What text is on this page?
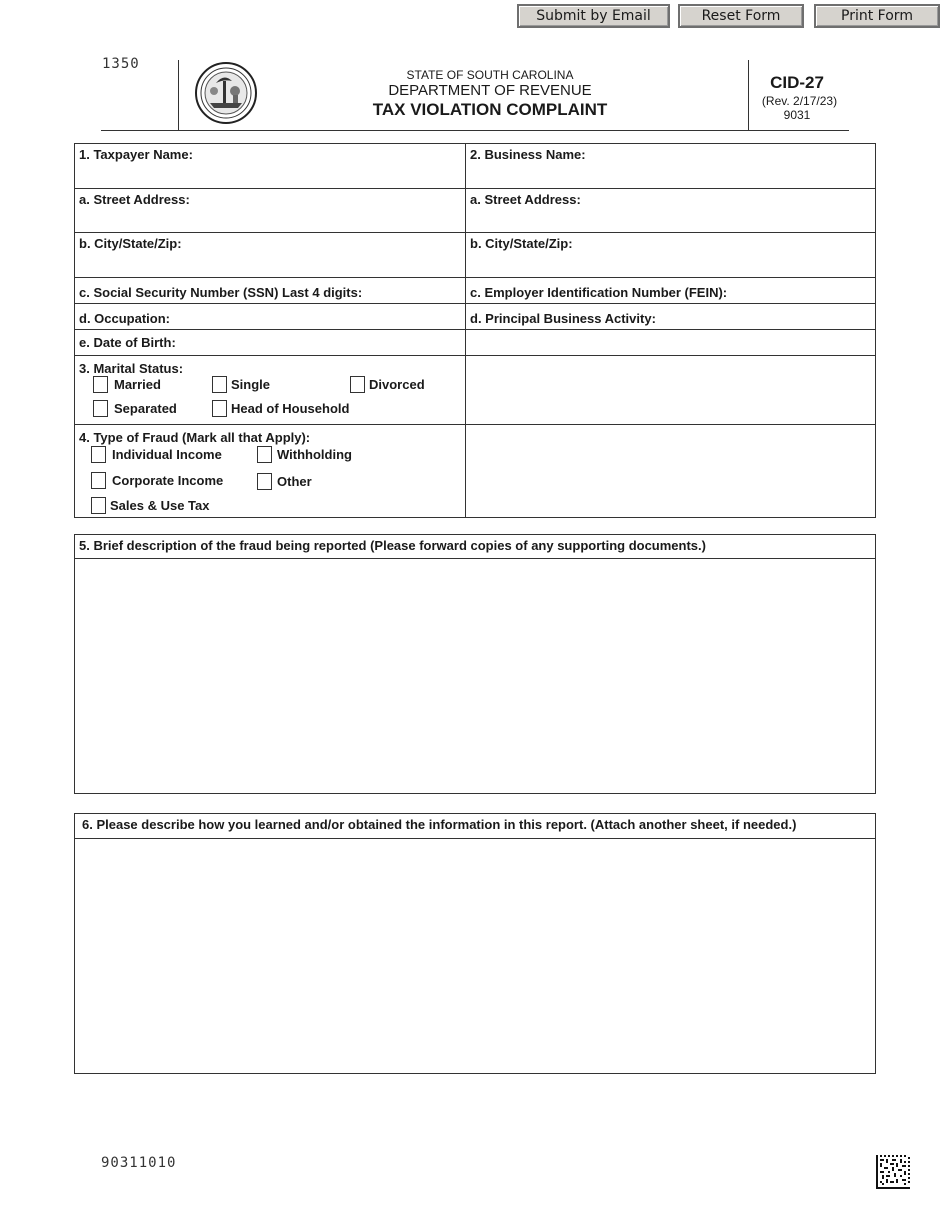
Submit by Email	Reset Form	Print Form
1350
STATE OF SOUTH CAROLINA
DEPARTMENT OF REVENUE
TAX VIOLATION COMPLAINT
CID-27
(Rev. 2/17/23)
9031
1. Taxpayer Name:	2. Business Name:
a. Street Address:	a. Street Address:
b. City/State/Zip:	b. City/State/Zip:
c. Social Security Number (SSN) Last 4 digits:	c. Employer Identification Number (FEIN):
d. Occupation:	d. Principal Business Activity:
e. Date of Birth:
3. Marital Status:
Married	Single	Divorced
Separated	Head of Household
4. Type of Fraud (Mark all that Apply):
Individual Income	Withholding
Corporate Income	Other
Sales & Use Tax
5. Brief description of the fraud being reported (Please forward copies of any supporting documents.)
6. Please describe how you learned and/or obtained the information in this report. (Attach another sheet, if needed.)
90311010
